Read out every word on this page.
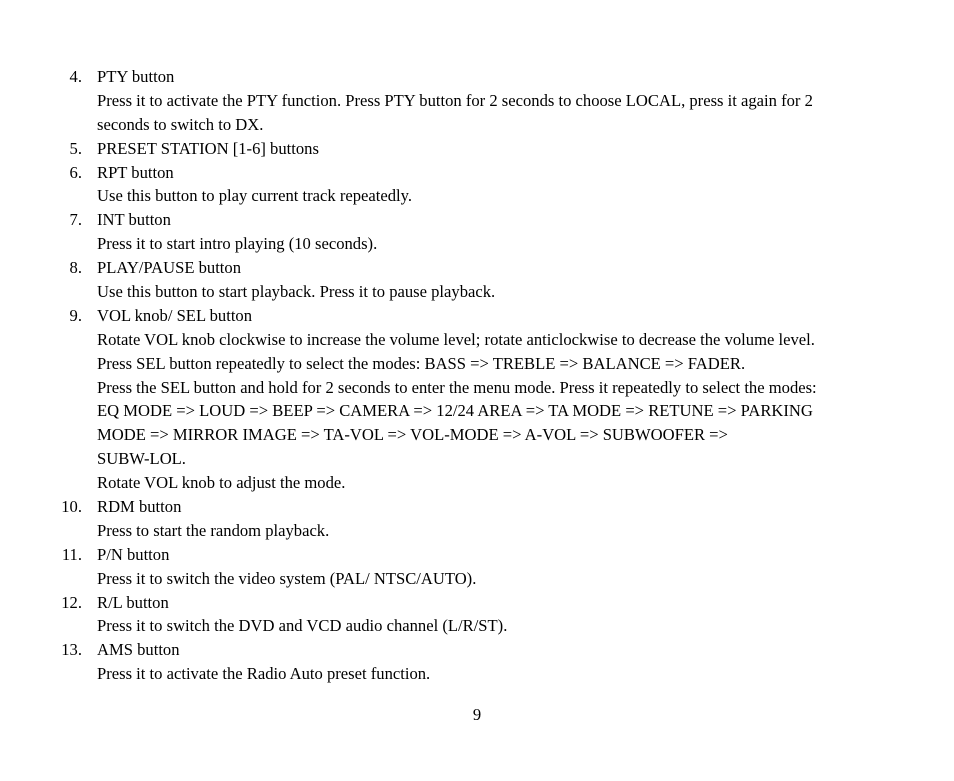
4. PTY button
Press it to activate the PTY function. Press PTY button for 2 seconds to choose LOCAL, press it again for 2
seconds to switch to DX.
5. PRESET STATION [1-6] buttons
6. RPT button
Use this button to play current track repeatedly.
7. INT button
Press it to start intro playing (10 seconds).
8. PLAY/PAUSE button
Use this button to start playback. Press it to pause playback.
9. VOL knob/ SEL button
Rotate VOL knob clockwise to increase the volume level; rotate anticlockwise to decrease the volume level.
Press SEL button repeatedly to select the modes: BASS => TREBLE => BALANCE => FADER.
Press the SEL button and hold for 2 seconds to enter the menu mode. Press it repeatedly to select the modes:
EQ MODE => LOUD => BEEP => CAMERA => 12/24 AREA => TA MODE => RETUNE => PARKING
MODE => MIRROR IMAGE => TA-VOL => VOL-MODE => A-VOL => SUBWOOFER =>
SUBW-LOL.
Rotate VOL knob to adjust the mode.
10. RDM button
Press to start the random playback.
11. P/N button
Press it to switch the video system (PAL/ NTSC/AUTO).
12. R/L button
Press it to switch the DVD and VCD audio channel (L/R/ST).
13. AMS button
Press it to activate the Radio Auto preset function.
9
